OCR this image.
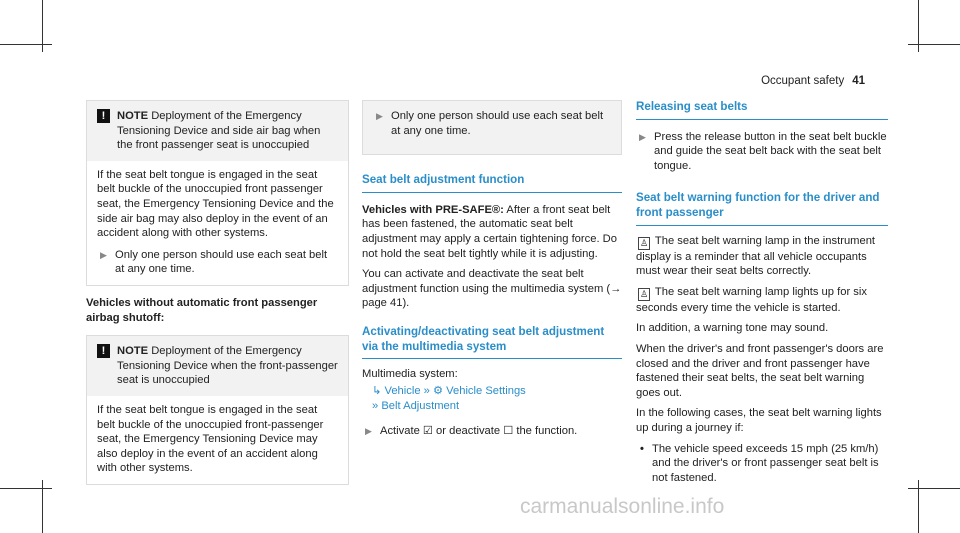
Occupant safety 41
!	NOTE Deployment of the Emergency Tensioning Device and side air bag when the front passenger seat is unoccupied

If the seat belt tongue is engaged in the seat belt buckle of the unoccupied front passenger seat, the Emergency Tensioning Device and the side air bag may also deploy in the event of an accident along with other systems.

▶ Only one person should use each seat belt at any one time.

Vehicles without automatic front passenger airbag shutoff:

!	NOTE Deployment of the Emergency Tensioning Device when the front-passenger seat is unoccupied

If the seat belt tongue is engaged in the seat belt buckle of the unoccupied front-passenger seat, the Emergency Tensioning Device may also deploy in the event of an accident along with other systems.

▶ Only one person should use each seat belt at any one time.
Seat belt adjustment function

Vehicles with PRE-SAFE®: After a front seat belt has been fastened, the automatic seat belt adjustment may apply a certain tightening force. Do not hold the seat belt tightly while it is adjusting.

You can activate and deactivate the seat belt adjustment function using the multimedia system (→ page 41).

Activating/deactivating seat belt adjustment via the multimedia system

Multimedia system:

↳ Vehicle » ⚙ Vehicle Settings
» Belt Adjustment
▶ Activate ☑ or deactivate ☐ the function.
Releasing seat belts
▶ Press the release button in the seat belt buckle and guide the seat belt back with the seat belt tongue.
Seat belt warning function for the driver and front passenger

♙ The seat belt warning lamp in the instrument display is a reminder that all vehicle occupants must wear their seat belts correctly.

♙ The seat belt warning lamp lights up for six seconds every time the vehicle is started.

In addition, a warning tone may sound.

When the driver's and front passenger's doors are closed and the driver and front passenger have fastened their seat belts, the seat belt warning goes out.

In the following cases, the seat belt warning lights up during a journey if:

• The vehicle speed exceeds 15 mph (25 km/h) and the driver's or front passenger seat belt is not fastened.
carmanualsonline.info
